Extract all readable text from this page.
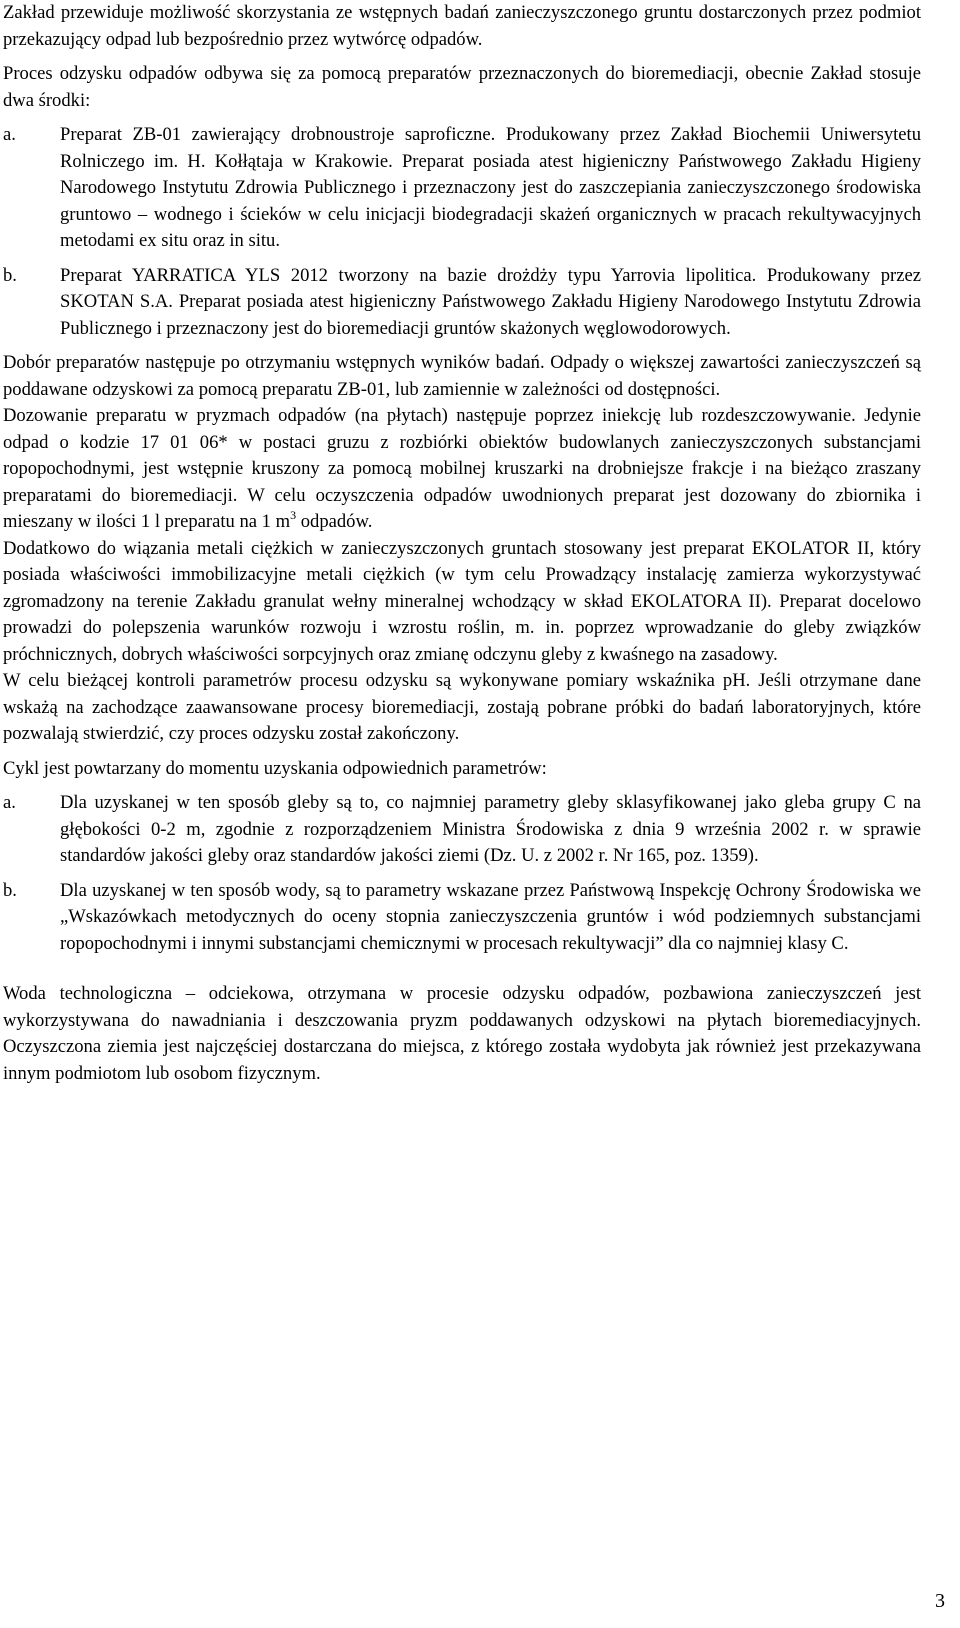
Zakład przewiduje możliwość skorzystania ze wstępnych badań zanieczyszczonego gruntu dostarczonych przez podmiot przekazujący odpad lub bezpośrednio przez wytwórcę odpadów.

Proces odzysku odpadów odbywa się za pomocą preparatów przeznaczonych do bioremediacji, obecnie Zakład stosuje dwa środki:

a.	Preparat ZB-01 zawierający drobnoustroje saproficzne. Produkowany przez Zakład Biochemii Uniwersytetu Rolniczego im. H. Kołłątaja w Krakowie. Preparat posiada atest higieniczny Państwowego Zakładu Higieny Narodowego Instytutu Zdrowia Publicznego i przeznaczony jest do zaszczepiania zanieczyszczonego środowiska gruntowo – wodnego i ścieków w celu inicjacji biodegradacji skażeń organicznych w pracach rekultywacyjnych metodami ex situ oraz in situ.
b.	Preparat YARRATICA YLS 2012 tworzony na bazie drożdży typu Yarrovia lipolitica. Produkowany przez SKOTAN S.A. Preparat posiada atest higieniczny Państwowego Zakładu Higieny Narodowego Instytutu Zdrowia Publicznego i przeznaczony jest do bioremediacji gruntów skażonych węglowodorowych.

Dobór preparatów następuje po otrzymaniu wstępnych wyników badań. Odpady o większej zawartości zanieczyszczeń są poddawane odzyskowi za pomocą preparatu ZB-01, lub zamiennie w zależności od dostępności.

Dozowanie preparatu w pryzmach odpadów (na płytach) następuje poprzez iniekcję lub rozdeszczowywanie. Jedynie odpad o kodzie 17 01 06* w postaci gruzu z rozbiórki obiektów budowlanych zanieczyszczonych substancjami ropopochodnymi, jest wstępnie kruszony za pomocą mobilnej kruszarki na drobniejsze frakcje i na bieżąco zraszany preparatami do bioremediacji. W celu oczyszczenia odpadów uwodnionych preparat jest dozowany do zbiornika i mieszany w ilości 1 l preparatu na 1 $m^3$ odpadów.

Dodatkowo do wiązania metali ciężkich w zanieczyszczonych gruntach stosowany jest preparat EKOLATOR II, który posiada właściwości immobilizacyjne metali ciężkich (w tym celu Prowadzący instalację zamierza wykorzystywać zgromadzony na terenie Zakładu granulat wełny mineralnej wchodzący w skład EKOLATORA II). Preparat docelowo prowadzi do polepszenia warunków rozwoju i wzrostu roślin, m. in. poprzez wprowadzanie do gleby związków próchnicznych, dobrych właściwości sorpcyjnych oraz zmianę odczynu gleby z kwaśnego na zasadowy.

W celu bieżącej kontroli parametrów procesu odzysku są wykonywane pomiary wskaźnika pH. Jeśli otrzymane dane wskażą na zachodzące zaawansowane procesy bioremediacji, zostają pobrane próbki do badań laboratoryjnych, które pozwalają stwierdzić, czy proces odzysku został zakończony.

Cykl jest powtarzany do momentu uzyskania odpowiednich parametrów:

a.	Dla uzyskanej w ten sposób gleby są to, co najmniej parametry gleby sklasyfikowanej jako gleba grupy C na głębokości 0-2 m, zgodnie z rozporządzeniem Ministra Środowiska z dnia 9 września 2002 r. w sprawie standardów jakości gleby oraz standardów jakości ziemi (Dz. U. z 2002 r. Nr 165, poz. 1359).
b.	Dla uzyskanej w ten sposób wody, są to parametry wskazane przez Państwową Inspekcję Ochrony Środowiska we „Wskazówkach metodycznych do oceny stopnia zanieczyszczenia gruntów i wód podziemnych substancjami ropopochodnymi i innymi substancjami chemicznymi w procesach rekultywacji” dla co najmniej klasy C.

Woda technologiczna – odciekowa, otrzymana w procesie odzysku odpadów, pozbawiona zanieczyszczeń jest wykorzystywana do nawadniania i deszczowania pryzm poddawanych odzyskowi na płytach bioremediacyjnych. Oczyszczona ziemia jest najczęściej dostarczana do miejsca, z którego została wydobyta jak również jest przekazywana innym podmiotom lub osobom fizycznym.

3
